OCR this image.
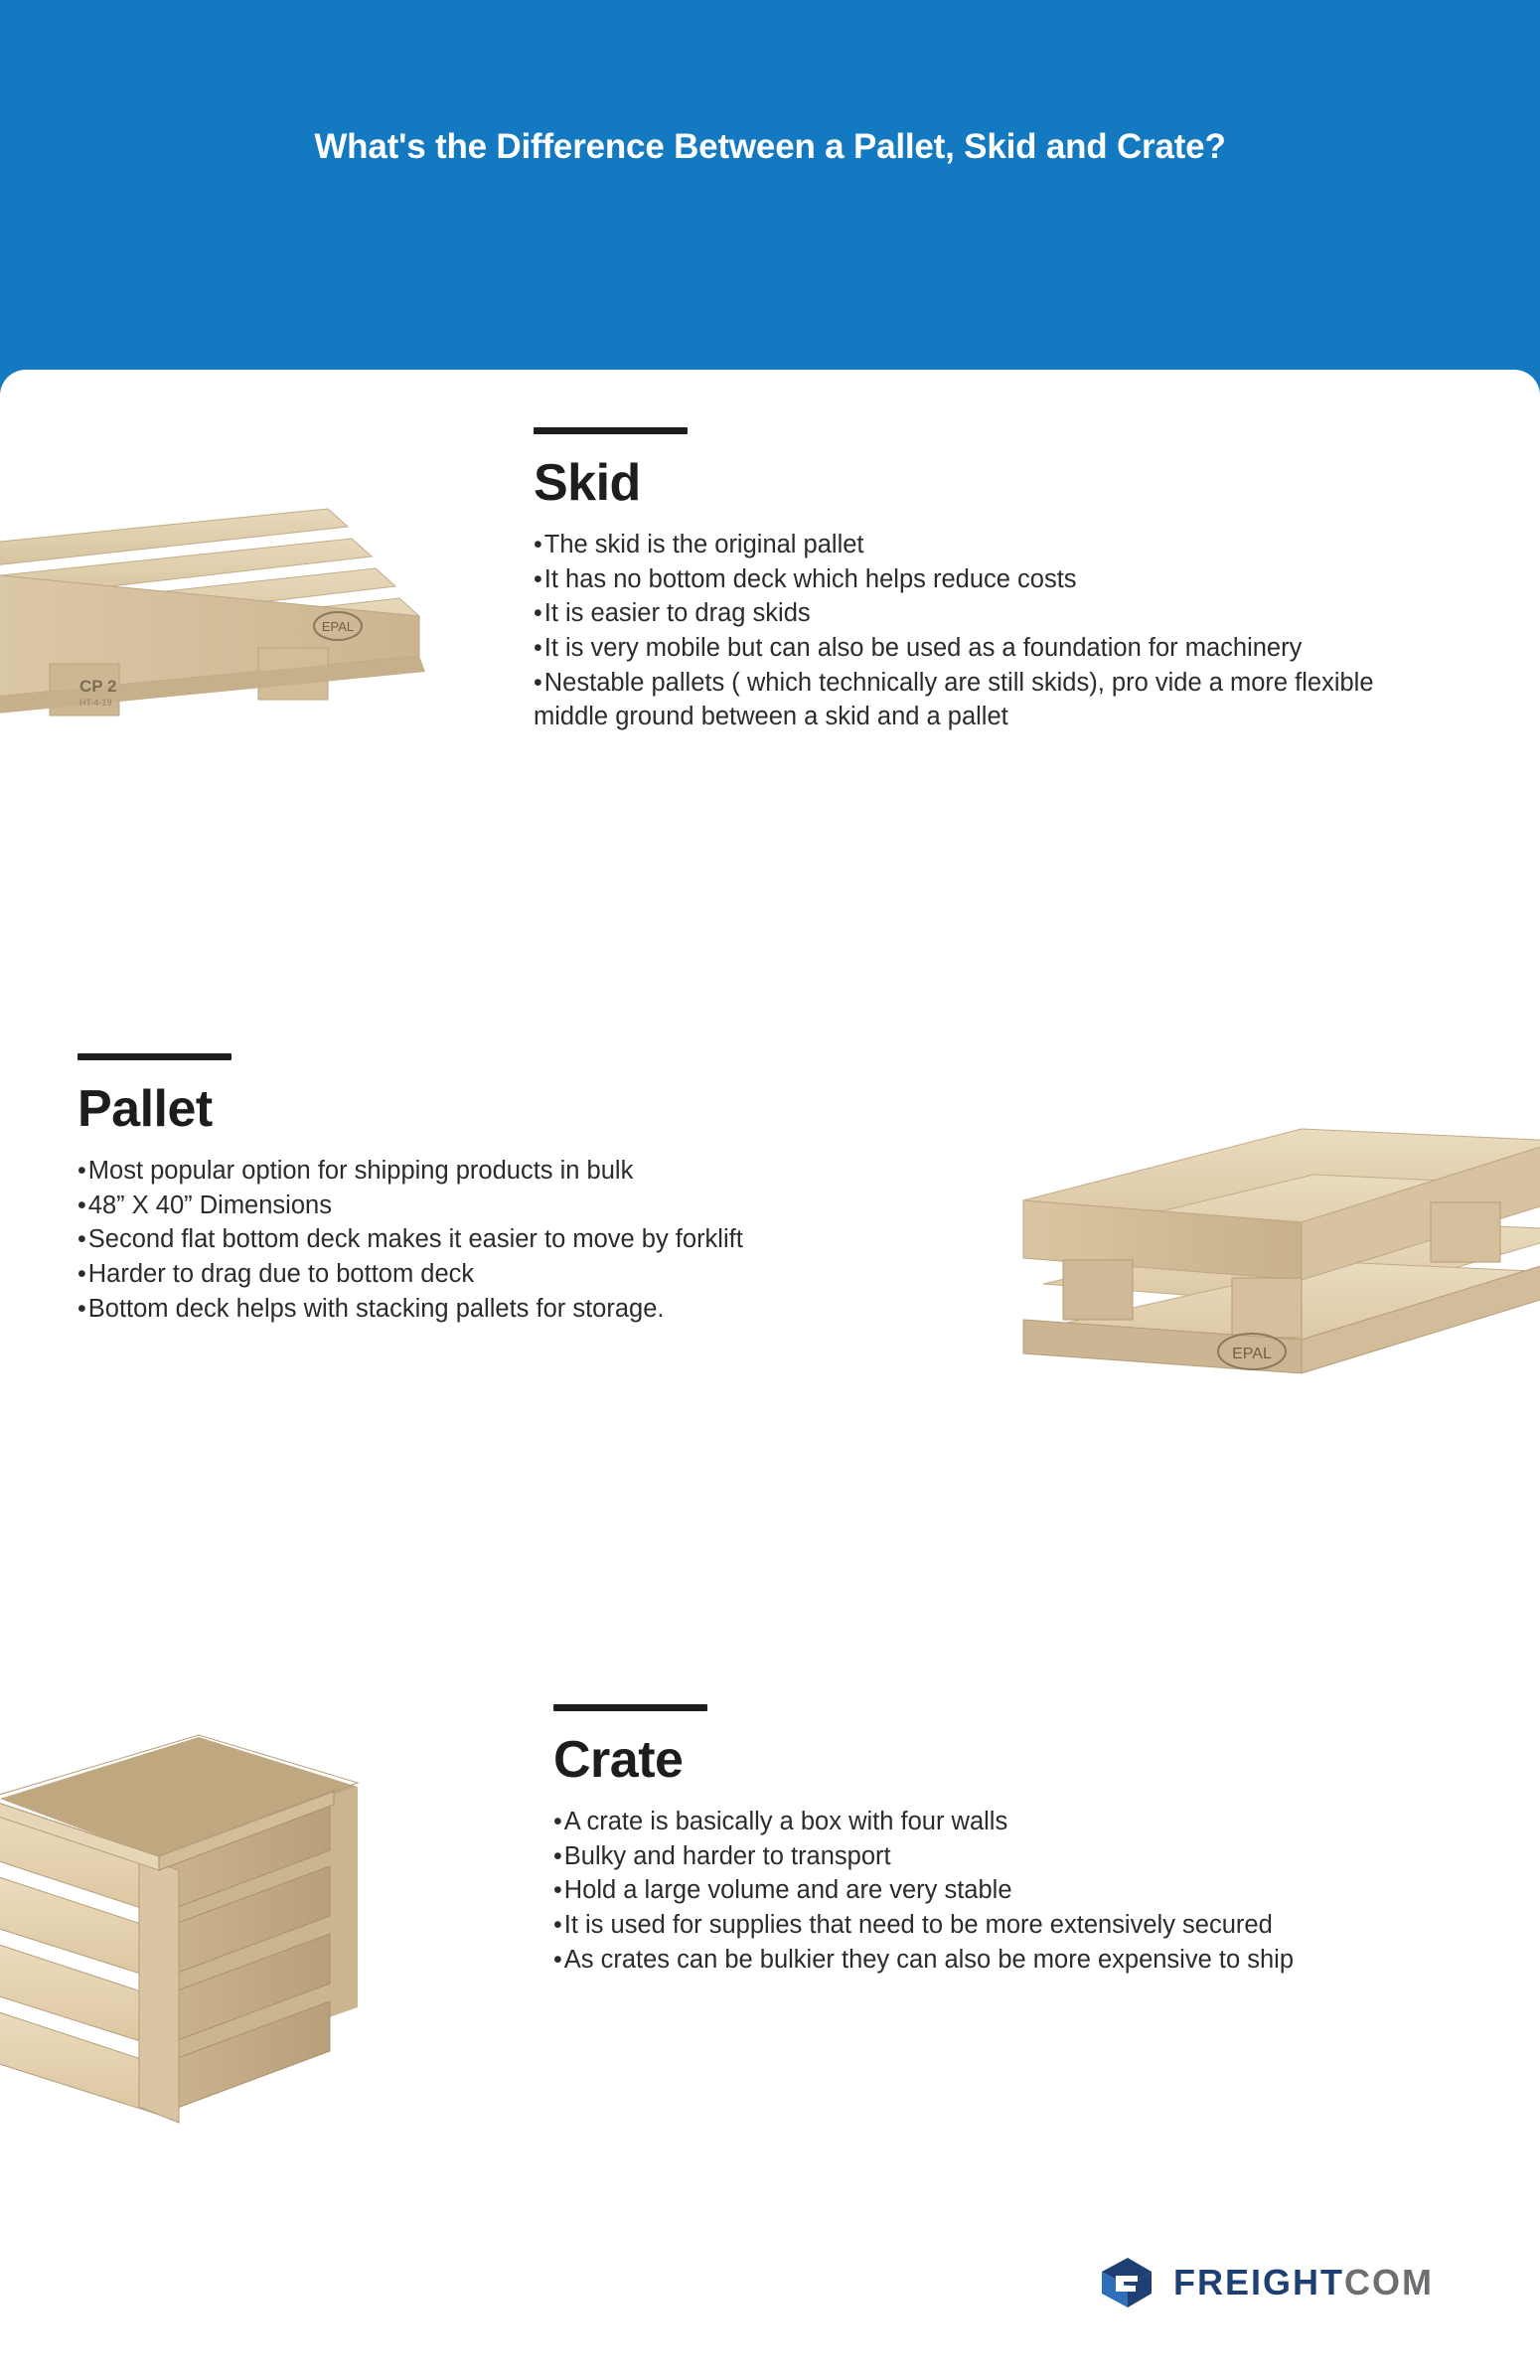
What's the Difference Between a Pallet, Skid and Crate?
EPAL
CP 2
HT-4-19
Skid
• The skid is the original pallet
• It has no bottom deck which helps reduce costs
• It is easier to drag skids
• It is very mobile but can also be used as a foundation for machinery
• Nestable pallets ( which technically are still skids), pro vide a more flexible middle ground between a skid and a pallet
Pallet
• Most popular option for shipping products in bulk
• 48” X 40” Dimensions
• Second flat bottom deck makes it easier to move by forklift
• Harder to drag due to bottom deck
• Bottom deck helps with stacking pallets for storage.
EPAL
Crate
• A crate is basically a box with four walls
• Bulky and harder to transport
• Hold a large volume and are very stable
• It is used for supplies that need to be more extensively secured
• As crates can be bulkier they can also be more expensive to ship
FREIGHTCOM
